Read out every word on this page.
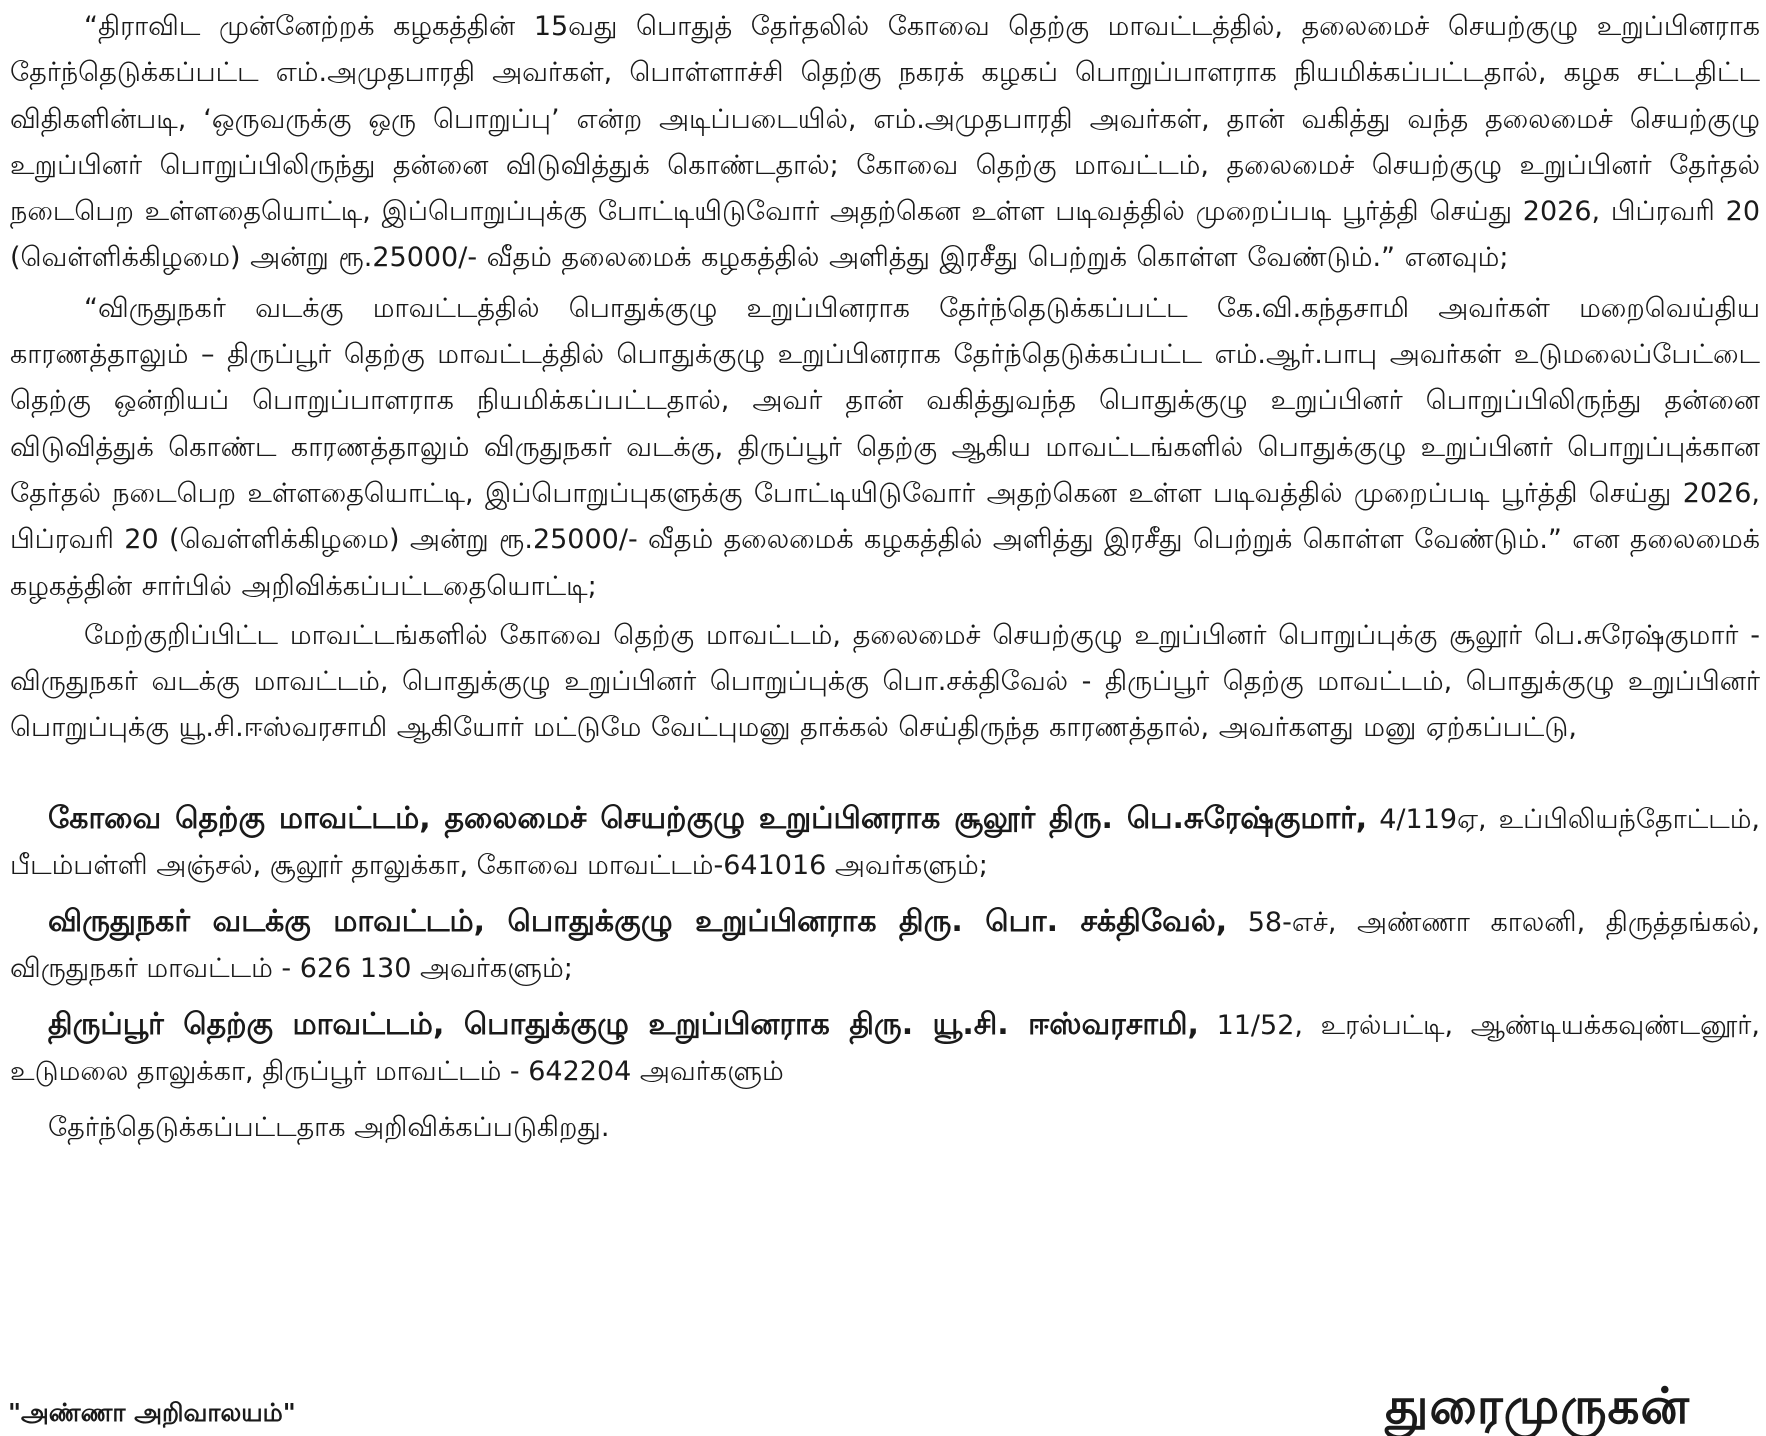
“திராவிட முன்னேற்றக் கழகத்தின் 15வது பொதுத் தேர்தலில் கோவை தெற்கு மாவட்டத்தில், தலைமைச் செயற்குழு உறுப்பினராக தேர்ந்தெடுக்கப்பட்ட எம்.அமுதபாரதி அவர்கள், பொள்ளாச்சி தெற்கு நகரக் கழகப் பொறுப்பாளராக நியமிக்கப்பட்டதால், கழக சட்டதிட்ட விதிகளின்படி, ‘ஒருவருக்கு ஒரு பொறுப்பு’ என்ற அடிப்படையில், எம்.அமுதபாரதி அவர்கள், தான் வகித்து வந்த தலைமைச் செயற்குழு உறுப்பினர் பொறுப்பிலிருந்து தன்னை விடுவித்துக் கொண்டதால்; கோவை தெற்கு மாவட்டம், தலைமைச் செயற்குழு உறுப்பினர் தேர்தல் நடைபெற உள்ளதையொட்டி, இப்பொறுப்புக்கு போட்டியிடுவோர் அதற்கென உள்ள படிவத்தில் முறைப்படி பூர்த்தி செய்து 2026, பிப்ரவரி 20 (வெள்ளிக்கிழமை) அன்று ரூ.25000/- வீதம் தலைமைக் கழகத்தில் அளித்து இரசீது பெற்றுக் கொள்ள வேண்டும்.” எனவும்;

“விருதுநகர் வடக்கு மாவட்டத்தில் பொதுக்குழு உறுப்பினராக தேர்ந்தெடுக்கப்பட்ட கே.வி.கந்தசாமி அவர்கள் மறைவெய்திய காரணத்தாலும் – திருப்பூர் தெற்கு மாவட்டத்தில் பொதுக்குழு உறுப்பினராக தேர்ந்தெடுக்கப்பட்ட எம்.ஆர்.பாபு அவர்கள் உடுமலைப்பேட்டை தெற்கு ஒன்றியப் பொறுப்பாளராக நியமிக்கப்பட்டதால், அவர் தான் வகித்துவந்த பொதுக்குழு உறுப்பினர் பொறுப்பிலிருந்து தன்னை விடுவித்துக் கொண்ட காரணத்தாலும் விருதுநகர் வடக்கு, திருப்பூர் தெற்கு ஆகிய மாவட்டங்களில் பொதுக்குழு உறுப்பினர் பொறுப்புக்கான தேர்தல் நடைபெற உள்ளதையொட்டி, இப்பொறுப்புகளுக்கு போட்டியிடுவோர் அதற்கென உள்ள படிவத்தில் முறைப்படி பூர்த்தி செய்து 2026, பிப்ரவரி 20 (வெள்ளிக்கிழமை) அன்று ரூ.25000/- வீதம் தலைமைக் கழகத்தில் அளித்து இரசீது பெற்றுக் கொள்ள வேண்டும்.” என தலைமைக் கழகத்தின் சார்பில் அறிவிக்கப்பட்டதையொட்டி;

மேற்குறிப்பிட்ட மாவட்டங்களில் கோவை தெற்கு மாவட்டம், தலைமைச் செயற்குழு உறுப்பினர் பொறுப்புக்கு சூலூர் பெ.சுரேஷ்குமார் - விருதுநகர் வடக்கு மாவட்டம், பொதுக்குழு உறுப்பினர் பொறுப்புக்கு பொ.சக்திவேல் - திருப்பூர் தெற்கு மாவட்டம், பொதுக்குழு உறுப்பினர் பொறுப்புக்கு யூ.சி.ஈஸ்வரசாமி ஆகியோர் மட்டுமே வேட்புமனு தாக்கல் செய்திருந்த காரணத்தால், அவர்களது மனு ஏற்கப்பட்டு,

கோவை தெற்கு மாவட்டம், தலைமைச் செயற்குழு உறுப்பினராக சூலூர் திரு. பெ.சுரேஷ்குமார், 4/119ஏ, உப்பிலியந்தோட்டம், பீடம்பள்ளி அஞ்சல், சூலூர் தாலுக்கா, கோவை மாவட்டம்-641016 அவர்களும்;

விருதுநகர் வடக்கு மாவட்டம், பொதுக்குழு உறுப்பினராக திரு. பொ. சக்திவேல், 58-எச், அண்ணா காலனி, திருத்தங்கல், விருதுநகர் மாவட்டம் - 626 130 அவர்களும்;

திருப்பூர் தெற்கு மாவட்டம், பொதுக்குழு உறுப்பினராக திரு. யூ.சி. ஈஸ்வரசாமி, 11/52, உரல்பட்டி, ஆண்டியக்கவுண்டனூர், உடுமலை தாலுக்கா, திருப்பூர் மாவட்டம் - 642204 அவர்களும்

தேர்ந்தெடுக்கப்பட்டதாக அறிவிக்கப்படுகிறது.

"அண்ணா அறிவாலயம்"	துரைமுருகன்
